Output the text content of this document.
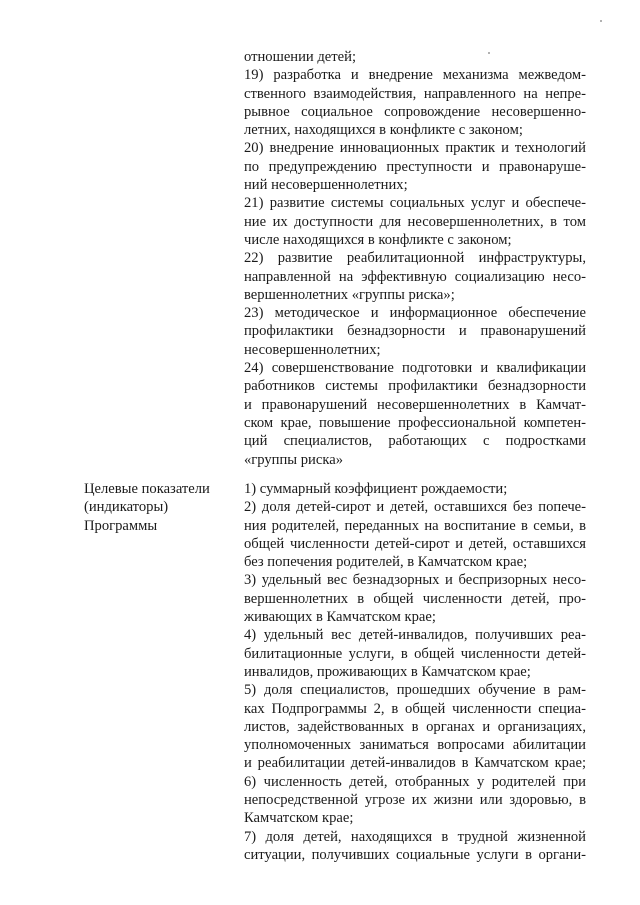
отношении детей;
19) разработка и внедрение механизма межведом-
ственного взаимодействия, направленного на непре-
рывное социальное сопровождение несовершенно-
летних, находящихся в конфликте с законом;
20) внедрение инновационных практик и технологий
по предупреждению преступности и правонаруше-
ний несовершеннолетних;
21) развитие системы социальных услуг и обеспече-
ние их доступности для несовершеннолетних, в том
числе находящихся в конфликте с законом;
22) развитие реабилитационной инфраструктуры,
направленной на эффективную социализацию несо-
вершеннолетних «группы риска»;
23) методическое и информационное обеспечение
профилактики безнадзорности и правонарушений
несовершеннолетних;
24) совершенствование подготовки и квалификации
работников системы профилактики безнадзорности
и правонарушений несовершеннолетних в Камчат-
ском крае, повышение профессиональной компетен-
ций специалистов, работающих с подростками
«группы риска»
Целевые показатели
(индикаторы)
Программы
1) суммарный коэффициент рождаемости;
2) доля детей-сирот и детей, оставшихся без попече-
ния родителей, переданных на воспитание в семьи, в
общей численности детей-сирот и детей, оставшихся
без попечения родителей, в Камчатском крае;
3) удельный вес безнадзорных и беспризорных несо-
вершеннолетних в общей численности детей, про-
живающих в Камчатском крае;
4) удельный вес детей-инвалидов, получивших реа-
билитационные услуги, в общей численности детей-
инвалидов, проживающих в Камчатском крае;
5) доля специалистов, прошедших обучение в рам-
ках Подпрограммы 2, в общей численности специа-
листов, задействованных в органах и организациях,
уполномоченных заниматься вопросами абилитации
и реабилитации детей-инвалидов в Камчатском крае;
6) численность детей, отобранных у родителей при
непосредственной угрозе их жизни или здоровью, в
Камчатском крае;
7) доля детей, находящихся в трудной жизненной
ситуации, получивших социальные услуги в органи-
